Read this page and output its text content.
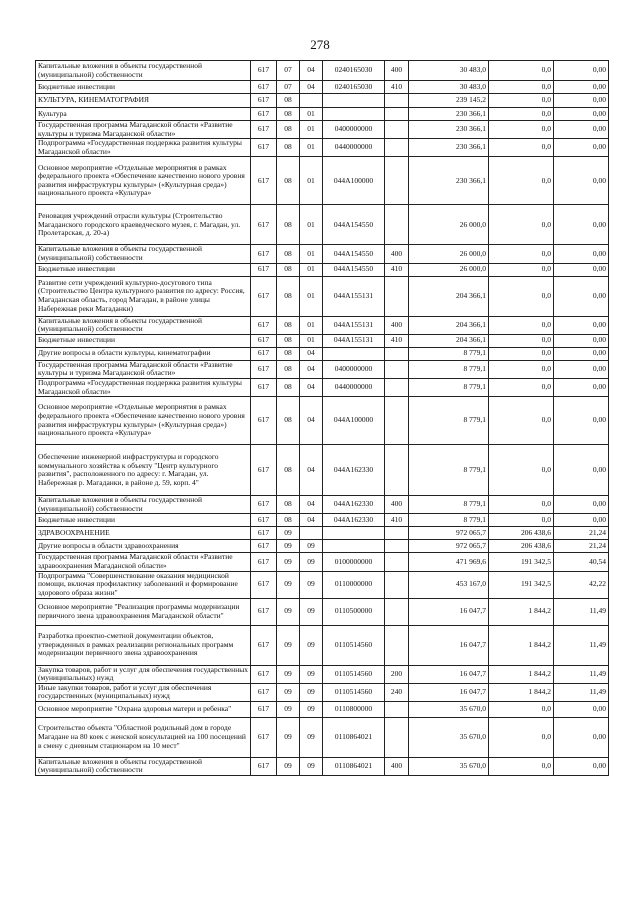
278
Капитальные вложения в объекты государственной (муниципальной) собственности	617	07	04	0240165030	400	30 483,0	0,0	0,00
Бюджетные инвестиции	617	07	04	0240165030	410	30 483,0	0,0	0,00
КУЛЬТУРА, КИНЕМАТОГРАФИЯ	617	08				239 145,2	0,0	0,00
Культура	617	08	01			230 366,1	0,0	0,00
Государственная программа Магаданской области «Развитие культуры и туризма Магаданской области»	617	08	01	0400000000		230 366,1	0,0	0,00
Подпрограмма «Государственная поддержка развития культуры Магаданской области»	617	08	01	0440000000		230 366,1	0,0	0,00
Основное мероприятие «Отдельные мероприятия в рамках федерального проекта «Обеспечение качественно нового уровня развития инфраструктуры культуры» («Культурная среда») национального проекта «Культура»	617	08	01	044A100000		230 366,1	0,0	0,00
Реновация учреждений отрасли культуры (Строительство Магаданского городского краеведческого музея, г. Магадан, ул. Пролетарская, д. 20-а)	617	08	01	044A154550		26 000,0	0,0	0,00
Капитальные вложения в объекты государственной (муниципальной) собственности	617	08	01	044A154550	400	26 000,0	0,0	0,00
Бюджетные инвестиции	617	08	01	044A154550	410	26 000,0	0,0	0,00
Развитие сети учреждений культурно-досугового типа (Строительство Центра культурного развития по адресу: Россия, Магаданская область, город Магадан, в районе улицы Набережная реки Магаданки)	617	08	01	044A155131		204 366,1	0,0	0,00
Капитальные вложения в объекты государственной (муниципальной) собственности	617	08	01	044A155131	400	204 366,1	0,0	0,00
Бюджетные инвестиции	617	08	01	044A155131	410	204 366,1	0,0	0,00
Другие вопросы в области культуры, кинематографии	617	08	04			8 779,1	0,0	0,00
Государственная программа Магаданской области «Развитие культуры и туризма Магаданской области»	617	08	04	0400000000		8 779,1	0,0	0,00
Подпрограмма «Государственная поддержка развития культуры Магаданской области»	617	08	04	0440000000		8 779,1	0,0	0,00
Основное мероприятие «Отдельные мероприятия в рамках федерального проекта «Обеспечение качественно нового уровня развития инфраструктуры культуры» («Культурная среда») национального проекта «Культура»	617	08	04	044A100000		8 779,1	0,0	0,00
Обеспечение инженерной инфраструктуры и городского коммунального хозяйства к объекту "Центр культурного развития", расположенного по адресу: г. Магадан, ул. Набережная р. Магаданки, в районе д. 59, корп. 4"	617	08	04	044A162330		8 779,1	0,0	0,00
Капитальные вложения в объекты государственной (муниципальной) собственности	617	08	04	044A162330	400	8 779,1	0,0	0,00
Бюджетные инвестиции	617	08	04	044A162330	410	8 779,1	0,0	0,00
ЗДРАВООХРАНЕНИЕ	617	09				972 065,7	206 438,6	21,24
Другие вопросы в области здравоохранения	617	09	09			972 065,7	206 438,6	21,24
Государственная программа Магаданской области «Развитие здравоохранения Магаданской области»	617	09	09	0100000000		471 969,6	191 342,5	40,54
Подпрограмма "Совершенствование оказания медицинской помощи, включая профилактику заболеваний и формирование здорового образа жизни"	617	09	09	0110000000		453 167,0	191 342,5	42,22
Основное мероприятие "Реализация программы модернизации первичного звена здравоохранения Магаданской области"	617	09	09	0110500000		16 047,7	1 844,2	11,49
Разработка проектно-сметной документации объектов, утвержденных в рамках реализации региональных программ модернизации первичного звена здравоохранения	617	09	09	0110514560		16 047,7	1 844,2	11,49
Закупка товаров, работ и услуг для обеспечения государственных (муниципальных) нужд	617	09	09	0110514560	200	16 047,7	1 844,2	11,49
Иные закупки товаров, работ и услуг для обеспечения государственных (муниципальных) нужд	617	09	09	0110514560	240	16 047,7	1 844,2	11,49
Основное мероприятие "Охрана здоровья матери и ребенка"	617	09	09	0110800000		35 670,0	0,0	0,00
Строительство объекта "Областной родильный дом в городе Магадане на 80 коек с женской консультацией на 100 посещений в смену с дневным стационаром на 10 мест"	617	09	09	0110864021		35 670,0	0,0	0,00
Капитальные вложения в объекты государственной (муниципальной) собственности	617	09	09	0110864021	400	35 670,0	0,0	0,00
